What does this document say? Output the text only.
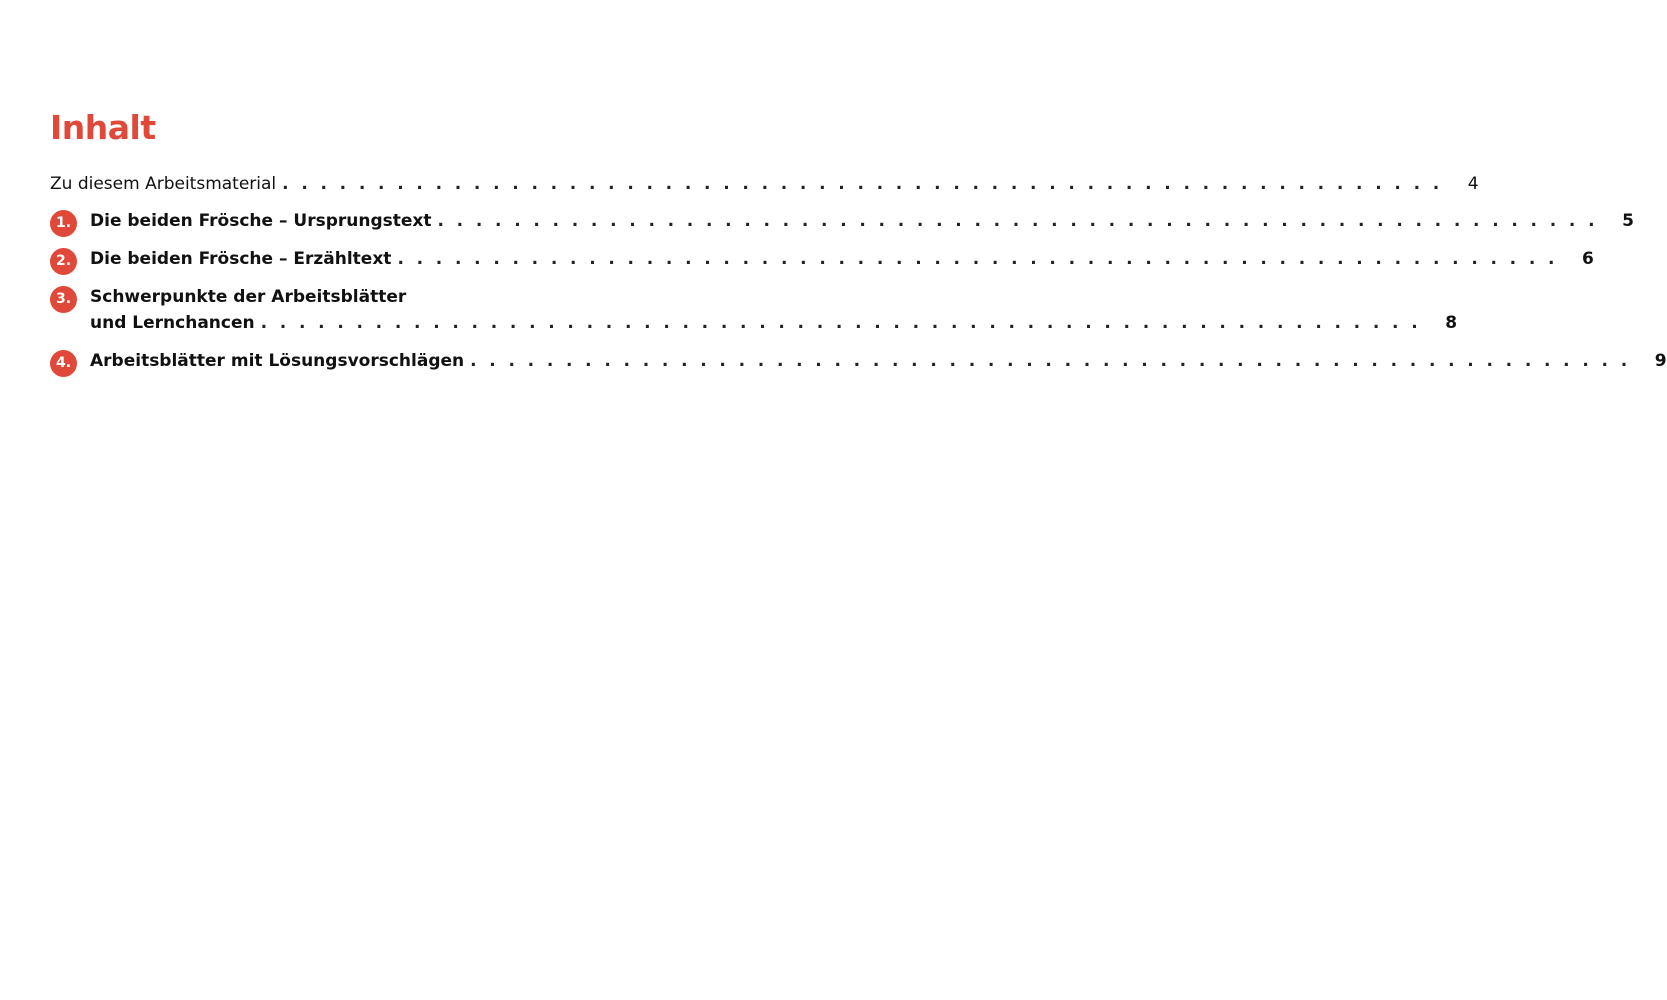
Inhalt
Zu diesem Arbeitsmaterial . . . . . . . . . . . . . . . . . . . . . . . . . . . . . . . . . . . . . . . . . . . . . . . . . . . . . . . . . . . . .	4
1.	Die beiden Frösche – Ursprungstext . . . . . . . . . . . . . . . . . . . . . . . . . . . . . . . . . . . . . . . . . . . . . . . . . . . . . . . . . . . . .	5
2.	Die beiden Frösche – Erzähltext . . . . . . . . . . . . . . . . . . . . . . . . . . . . . . . . . . . . . . . . . . . . . . . . . . . . . . . . . . . . .	6
3.	Schwerpunkte der Arbeitsblätter
und Lernchancen . . . . . . . . . . . . . . . . . . . . . . . . . . . . . . . . . . . . . . . . . . . . . . . . . . . . . . . . . . . . .	8
4.	Arbeitsblätter mit Lösungsvorschlägen . . . . . . . . . . . . . . . . . . . . . . . . . . . . . . . . . . . . . . . . . . . . . . . . . . . . . . . . . . . . .	9
